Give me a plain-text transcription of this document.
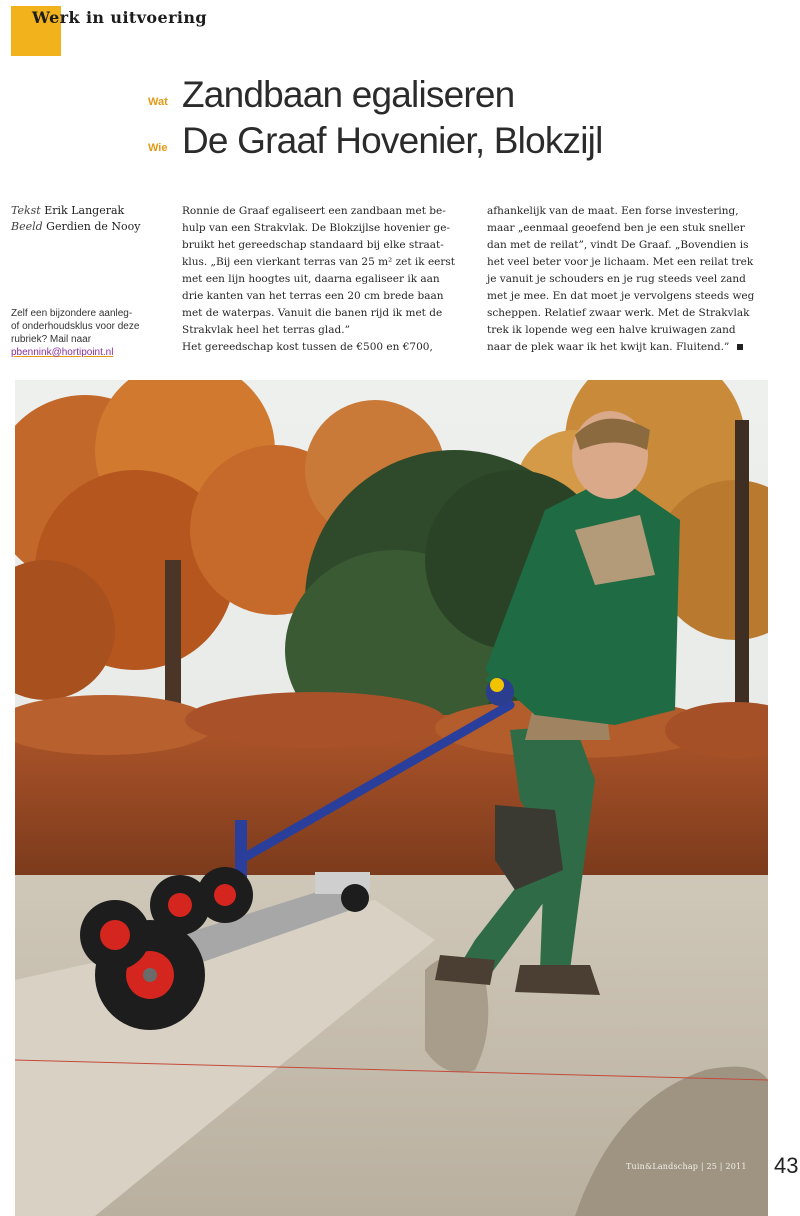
Werk in uitvoering
Wat Zandbaan egaliseren
Wie De Graaf Hovenier, Blokzijl
Tekst Erik Langerak
Beeld Gerdien de Nooy
Zelf een bijzondere aanleg-
of onderhoudsklus voor deze
rubriek? Mail naar
pbennink@hortipoint.nl
Ronnie de Graaf egaliseert een zandbaan met be-
hulp van een Strakvlak. De Blokzijlse hovenier ge-
bruikt het gereedschap standaard bij elke straat-
klus. „Bij een vierkant terras van 25 m² zet ik eerst
met een lijn hoogtes uit, daarna egaliseer ik aan
drie kanten van het terras een 20 cm brede baan
met de waterpas. Vanuit die banen rijd ik met de
Strakvlak heel het terras glad.”
Het gereedschap kost tussen de €500 en €700,
afhankelijk van de maat. Een forse investering,
maar „eenmaal geoefend ben je een stuk sneller
dan met de reilat”, vindt De Graaf. „Bovendien is
het veel beter voor je lichaam. Met een reilat trek
je vanuit je schouders en je rug steeds veel zand
met je mee. En dat moet je vervolgens steeds weg
scheppen. Relatief zwaar werk. Met de Strakvlak
trek ik lopende weg een halve kruiwagen zand
naar de plek waar ik het kwijt kan. Fluitend.”
Tuin&Landschap | 25 | 2011 43
